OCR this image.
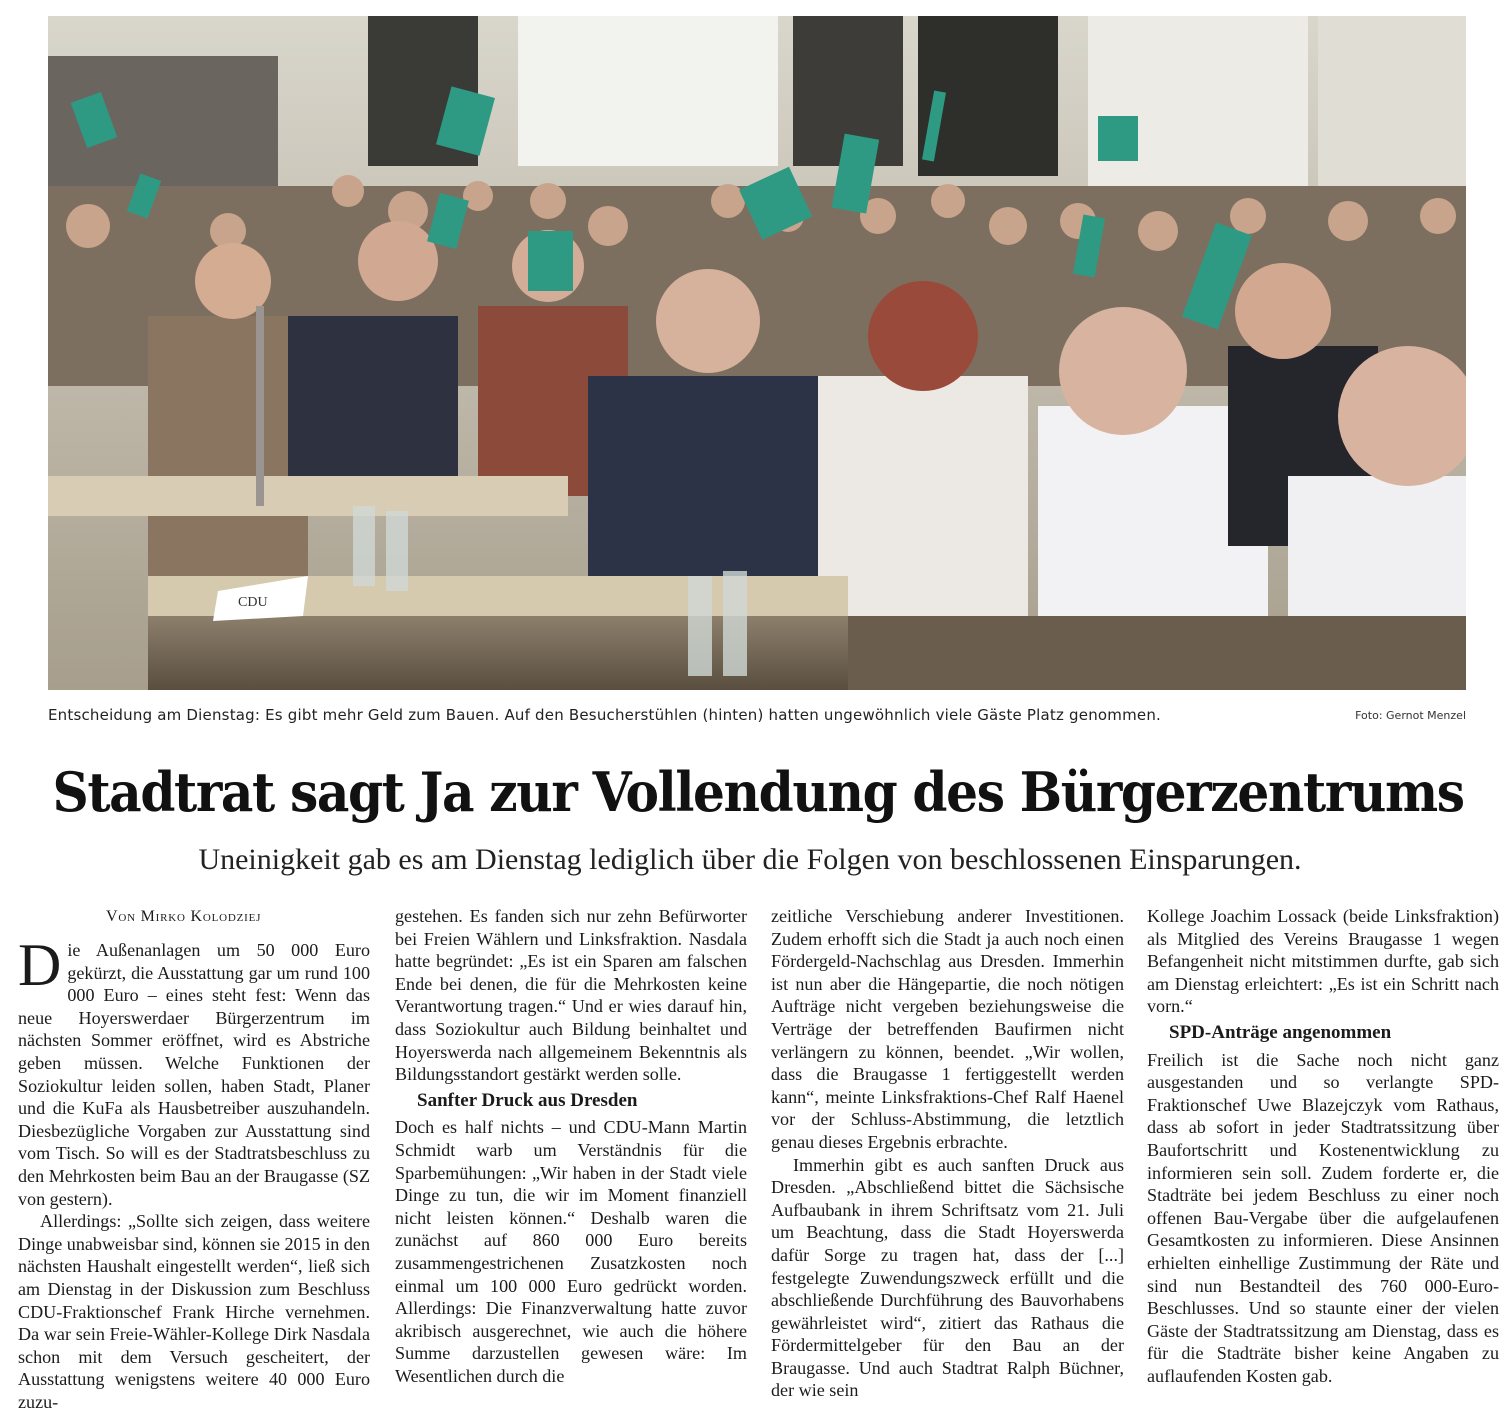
CDU
Entscheidung am Dienstag: Es gibt mehr Geld zum Bauen. Auf den Besucherstühlen (hinten) hatten ungewöhnlich viele Gäste Platz genommen.	Foto: Gernot Menzel
Stadtrat sagt Ja zur Vollendung des Bürgerzentrums
Uneinigkeit gab es am Dienstag lediglich über die Folgen von beschlossenen Einsparungen.

Von Mirko Kolodziej

Die Außenanlagen um 50 000 Euro gekürzt, die Ausstattung gar um rund 100 000 Euro – eines steht fest: Wenn das neue Hoyerswerdaer Bürgerzentrum im nächsten Sommer eröffnet, wird es Abstriche geben müssen. Welche Funktionen der Soziokultur leiden sollen, haben Stadt, Planer und die KuFa als Hausbetreiber auszuhandeln. Diesbezügliche Vorgaben zur Ausstattung sind vom Tisch. So will es der Stadtratsbeschluss zu den Mehrkosten beim Bau an der Braugasse (SZ von gestern).

Allerdings: „Sollte sich zeigen, dass weitere Dinge unabweisbar sind, können sie 2015 in den nächsten Haushalt eingestellt werden“, ließ sich am Dienstag in der Diskussion zum Beschluss CDU-Fraktionschef Frank Hirche vernehmen. Da war sein Freie-Wähler-Kollege Dirk Nasdala schon mit dem Versuch gescheitert, der Ausstattung wenigstens weitere 40 000 Euro zuzu-

gestehen. Es fanden sich nur zehn Befürworter bei Freien Wählern und Linksfraktion. Nasdala hatte begründet: „Es ist ein Sparen am falschen Ende bei denen, die für die Mehrkosten keine Verantwortung tragen.“ Und er wies darauf hin, dass Soziokultur auch Bildung beinhaltet und Hoyerswerda nach allgemeinem Bekenntnis als Bildungsstandort gestärkt werden solle.

Sanfter Druck aus Dresden

Doch es half nichts – und CDU-Mann Martin Schmidt warb um Verständnis für die Sparbemühungen: „Wir haben in der Stadt viele Dinge zu tun, die wir im Moment finanziell nicht leisten können.“ Deshalb waren die zunächst auf 860 000 Euro bereits zusammengestrichenen Zusatzkosten noch einmal um 100 000 Euro gedrückt worden. Allerdings: Die Finanzverwaltung hatte zuvor akribisch ausgerechnet, wie auch die höhere Summe darzustellen gewesen wäre: Im Wesentlichen durch die

zeitliche Verschiebung anderer Investitionen. Zudem erhofft sich die Stadt ja auch noch einen Fördergeld-Nachschlag aus Dresden. Immerhin ist nun aber die Hängepartie, die noch nötigen Aufträge nicht vergeben beziehungsweise die Verträge der betreffenden Baufirmen nicht verlängern zu können, beendet. „Wir wollen, dass die Braugasse 1 fertiggestellt werden kann“, meinte Linksfraktions-Chef Ralf Haenel vor der Schluss-Abstimmung, die letztlich genau dieses Ergebnis erbrachte.

Immerhin gibt es auch sanften Druck aus Dresden. „Abschließend bittet die Sächsische Aufbaubank in ihrem Schriftsatz vom 21. Juli um Beachtung, dass die Stadt Hoyerswerda dafür Sorge zu tragen hat, dass der [...] festgelegte Zuwendungszweck erfüllt und die abschließende Durchführung des Bauvorhabens gewährleistet wird“, zitiert das Rathaus die Fördermittelgeber für den Bau an der Braugasse. Und auch Stadtrat Ralph Büchner, der wie sein

Kollege Joachim Lossack (beide Linksfraktion) als Mitglied des Vereins Braugasse 1 wegen Befangenheit nicht mitstimmen durfte, gab sich am Dienstag erleichtert: „Es ist ein Schritt nach vorn.“

SPD-Anträge angenommen

Freilich ist die Sache noch nicht ganz ausgestanden und so verlangte SPD-Fraktionschef Uwe Blazejczyk vom Rathaus, dass ab sofort in jeder Stadtratssitzung über Baufortschritt und Kostenentwicklung zu informieren sein soll. Zudem forderte er, die Stadträte bei jedem Beschluss zu einer noch offenen Bau-Vergabe über die aufgelaufenen Gesamtkosten zu informieren. Diese Ansinnen erhielten einhellige Zustimmung der Räte und sind nun Bestandteil des 760 000-Euro-Beschlusses. Und so staunte einer der vielen Gäste der Stadtratssitzung am Dienstag, dass es für die Stadträte bisher keine Angaben zu auflaufenden Kosten gab.
